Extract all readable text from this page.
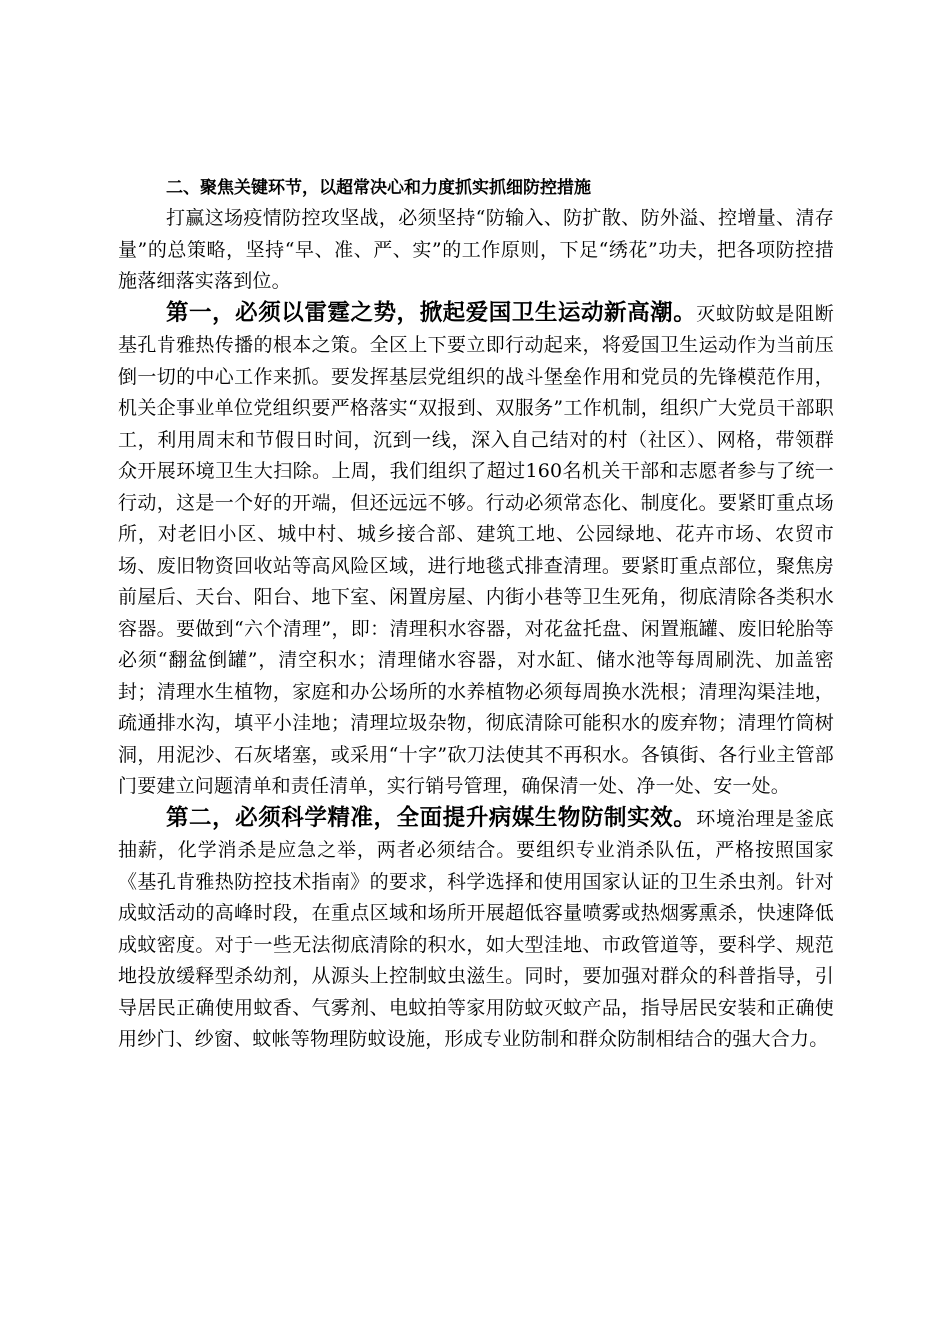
二、聚焦关键环节，以超常决心和力度抓实抓细防控措施

打赢这场疫情防控攻坚战，必须坚持“防输入、防扩散、防外溢、控增量、清存量”的总策略，坚持“早、准、严、实”的工作原则，下足“绣花”功夫，把各项防控措施落细落实落到位。

第一，必须以雷霆之势，掀起爱国卫生运动新高潮。灭蚊防蚊是阻断基孔肯雅热传播的根本之策。全区上下要立即行动起来，将爱国卫生运动作为当前压倒一切的中心工作来抓。要发挥基层党组织的战斗堡垒作用和党员的先锋模范作用，机关企事业单位党组织要严格落实“双报到、双服务”工作机制，组织广大党员干部职工，利用周末和节假日时间，沉到一线，深入自己结对的村（社区）、网格，带领群众开展环境卫生大扫除。上周，我们组织了超过160名机关干部和志愿者参与了统一行动，这是一个好的开端，但还远远不够。行动必须常态化、制度化。要紧盯重点场所，对老旧小区、城中村、城乡接合部、建筑工地、公园绿地、花卉市场、农贸市场、废旧物资回收站等高风险区域，进行地毯式排查清理。要紧盯重点部位，聚焦房前屋后、天台、阳台、地下室、闲置房屋、内街小巷等卫生死角，彻底清除各类积水容器。要做到“六个清理”，即：清理积水容器，对花盆托盘、闲置瓶罐、废旧轮胎等必须“翻盆倒罐”，清空积水；清理储水容器，对水缸、储水池等每周刷洗、加盖密封；清理水生植物，家庭和办公场所的水养植物必须每周换水洗根；清理沟渠洼地，疏通排水沟，填平小洼地；清理垃圾杂物，彻底清除可能积水的废弃物；清理竹筒树洞，用泥沙、石灰堵塞，或采用“十字”砍刀法使其不再积水。各镇街、各行业主管部门要建立问题清单和责任清单，实行销号管理，确保清一处、净一处、安一处。

第二，必须科学精准，全面提升病媒生物防制实效。环境治理是釜底抽薪，化学消杀是应急之举，两者必须结合。要组织专业消杀队伍，严格按照国家《基孔肯雅热防控技术指南》的要求，科学选择和使用国家认证的卫生杀虫剂。针对成蚊活动的高峰时段，在重点区域和场所开展超低容量喷雾或热烟雾熏杀，快速降低成蚊密度。对于一些无法彻底清除的积水，如大型洼地、市政管道等，要科学、规范地投放缓释型杀幼剂，从源头上控制蚊虫滋生。同时，要加强对群众的科普指导，引导居民正确使用蚊香、气雾剂、电蚊拍等家用防蚊灭蚊产品，指导居民安装和正确使用纱门、纱窗、蚊帐等物理防蚊设施，形成专业防制和群众防制相结合的强大合力。
